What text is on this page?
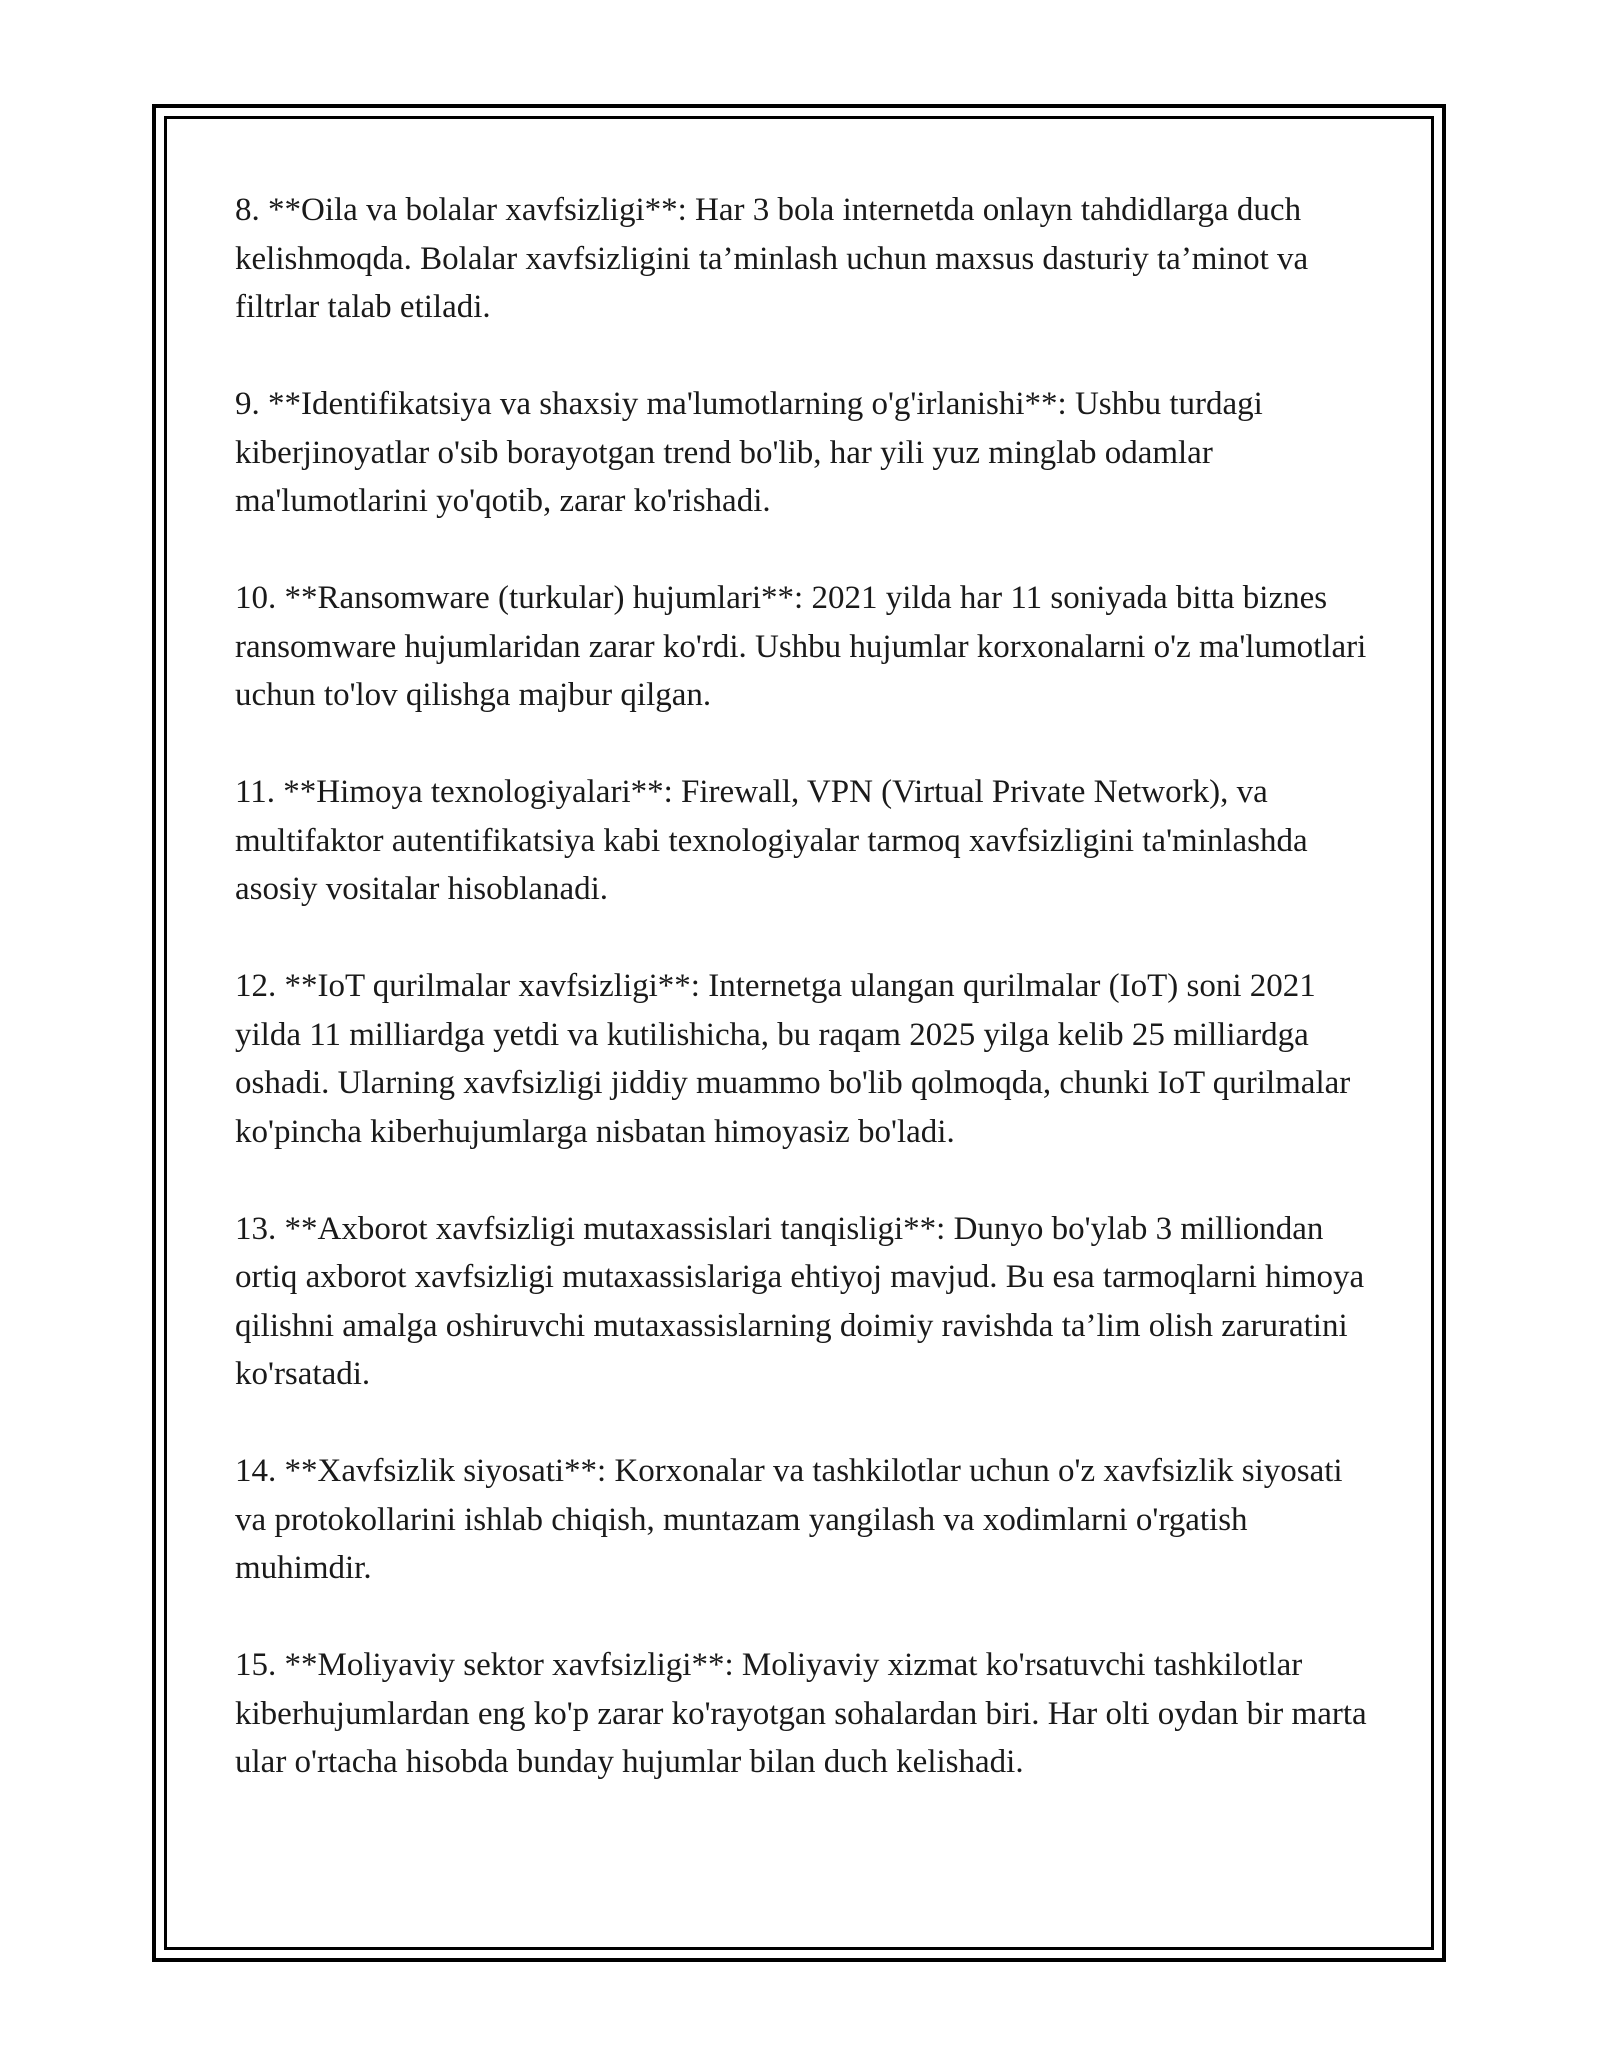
8. **Oila va bolalar xavfsizligi**: Har 3 bola internetda onlayn tahdidlarga duch kelishmoqda. Bolalar xavfsizligini ta’minlash uchun maxsus dasturiy ta’minot va filtrlar talab etiladi.

9. **Identifikatsiya va shaxsiy ma'lumotlarning o'g'irlanishi**: Ushbu turdagi kiberjinoyatlar o'sib borayotgan trend bo'lib, har yili yuz minglab odamlar ma'lumotlarini yo'qotib, zarar ko'rishadi.

10. **Ransomware (turkular) hujumlari**: 2021 yilda har 11 soniyada bitta biznes ransomware hujumlaridan zarar ko'rdi. Ushbu hujumlar korxonalarni o'z ma'lumotlari uchun to'lov qilishga majbur qilgan.

11. **Himoya texnologiyalari**: Firewall, VPN (Virtual Private Network), va multifaktor autentifikatsiya kabi texnologiyalar tarmoq xavfsizligini ta'minlashda asosiy vositalar hisoblanadi.

12. **IoT qurilmalar xavfsizligi**: Internetga ulangan qurilmalar (IoT) soni 2021 yilda 11 milliardga yetdi va kutilishicha, bu raqam 2025 yilga kelib 25 milliardga oshadi. Ularning xavfsizligi jiddiy muammo bo'lib qolmoqda, chunki IoT qurilmalar ko'pincha kiberhujumlarga nisbatan himoyasiz bo'ladi.

13. **Axborot xavfsizligi mutaxassislari tanqisligi**: Dunyo bo'ylab 3 milliondan ortiq axborot xavfsizligi mutaxassislariga ehtiyoj mavjud. Bu esa tarmoqlarni himoya qilishni amalga oshiruvchi mutaxassislarning doimiy ravishda ta’lim olish zaruratini ko'rsatadi.

14. **Xavfsizlik siyosati**: Korxonalar va tashkilotlar uchun o'z xavfsizlik siyosati va protokollarini ishlab chiqish, muntazam yangilash va xodimlarni o'rgatish muhimdir.

15. **Moliyaviy sektor xavfsizligi**: Moliyaviy xizmat ko'rsatuvchi tashkilotlar kiberhujumlardan eng ko'p zarar ko'rayotgan sohalardan biri. Har olti oydan bir marta ular o'rtacha hisobda bunday hujumlar bilan duch kelishadi.
